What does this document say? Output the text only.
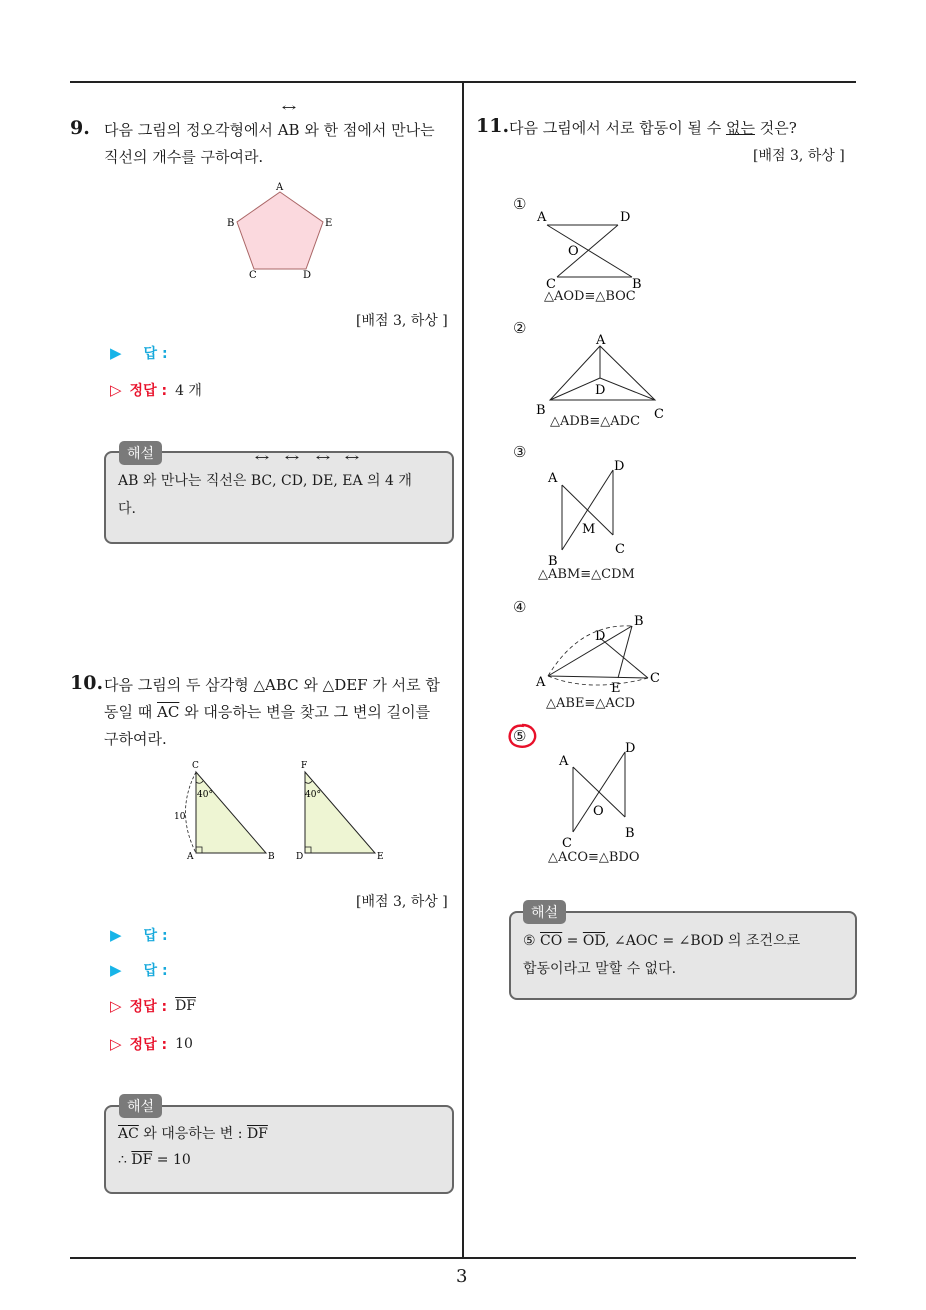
9. 다음 그림의 정오각형에서 ↔ AB 와 한 점에서 만나는
직선의 개수를 구하여라.
A
B
C	D
E
[배점 3, 하상 ]
▶ 답 :
▷ 정답 : 4 개
↔ AB 와 만나는 직선은 ↔ BC, ↔ CD, ↔ DE, ↔ EA 의 4 개
다.
해설
10. 다음 그림의 두 삼각형 △ABC 와 △DEF 가 서로 합
동일 때 $\overline{AC}$ 와 대응하는 변을 찾고 그 변의 길이를
구하여라.
C
A	B
40°
10
F
D	E
40°
[배점 3, 하상 ]
▶ 답 :
▶ 답 :
▷ 정답 : $\overline{DF}$
▷ 정답 : 10
$\overline{AC}$ 와 대응하는 변 : $\overline{DF}$
∴ $\overline{DF} = 10$
해설
11. 다음 그림에서 서로 합동이 될 수 없는 것은?
[배점 3, 하상 ]
①
A	D
O
C	B
△AOD≡△BOC
②
A
D
B	C
△ADB≡△ADC
③
A
D
M
B
C
△ABM≡△CDM
④
B
D
A	E
C
△ABE≡△ACD
⑤
A
D
O
C
B
△ACO≡△BDO
⑤ $\overline{CO} = \overline{OD}$, ∠AOC = ∠BOD 의 조건으로
합동이라고 말할 수 없다.
해설
3
